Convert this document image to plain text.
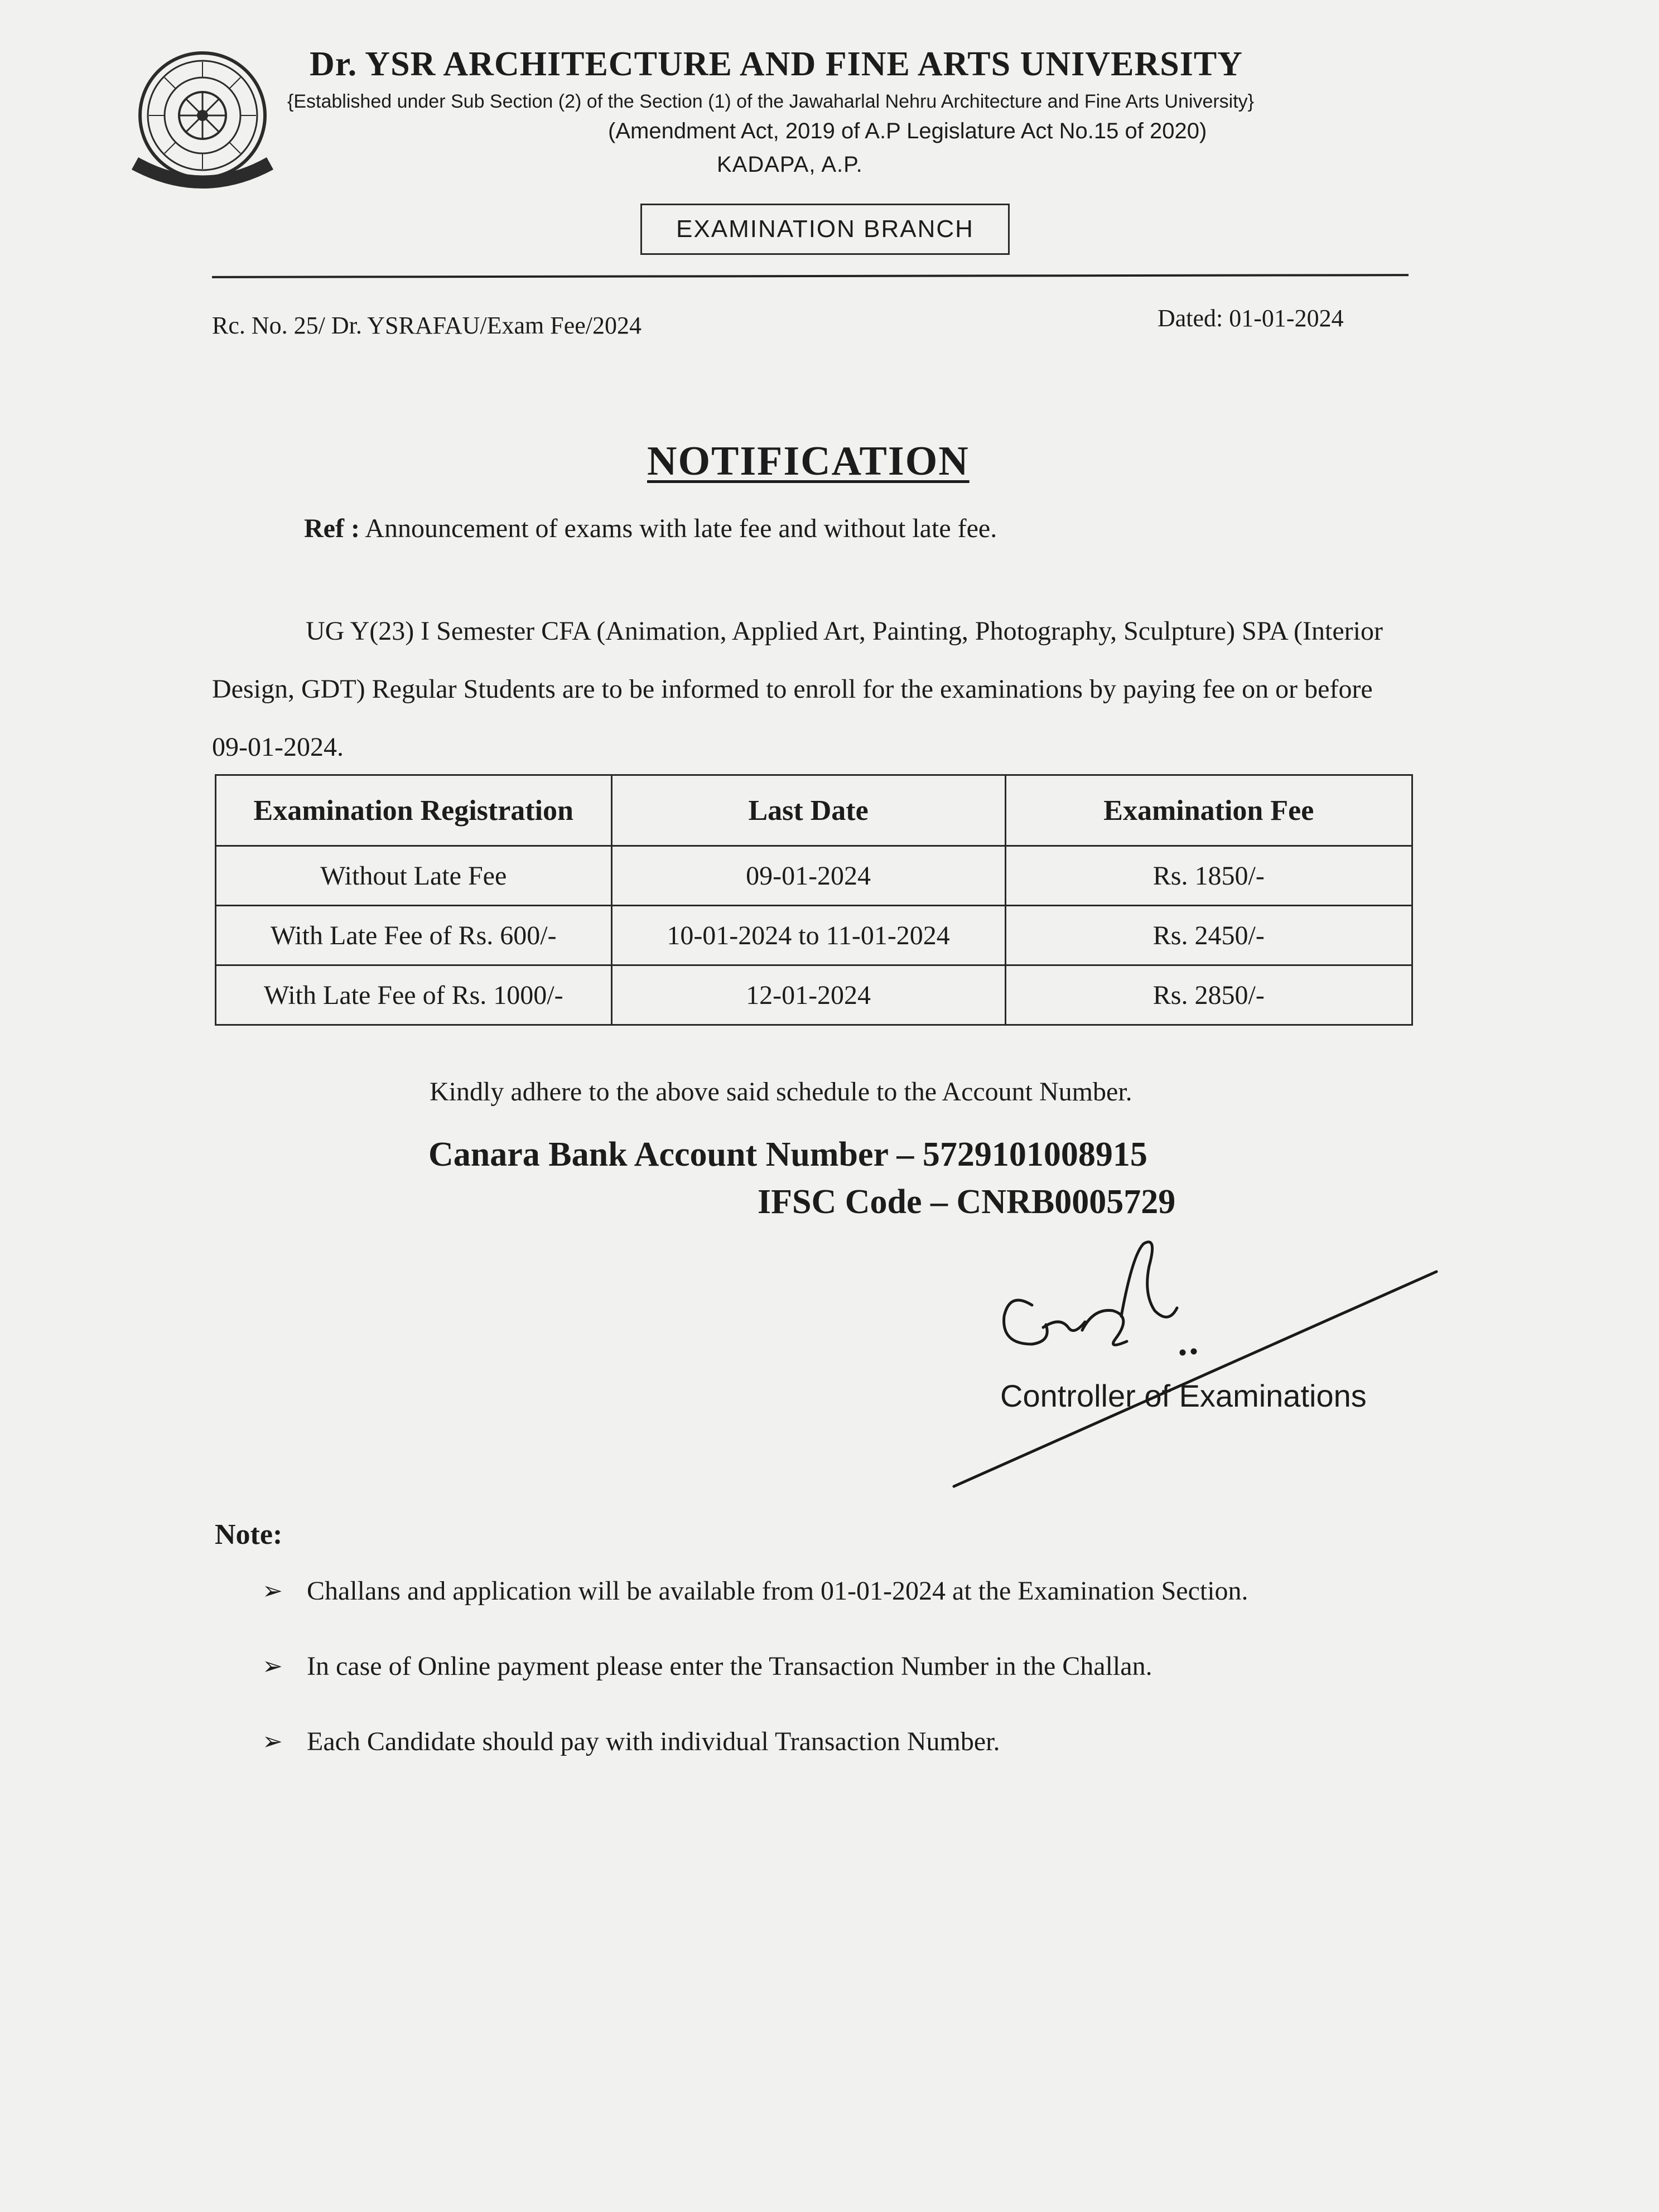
Dr. YSR ARCHITECTURE AND FINE ARTS UNIVERSITY
{Established under Sub Section (2) of the Section (1) of the Jawaharlal Nehru Architecture and Fine Arts University}
(Amendment Act, 2019 of A.P Legislature Act No.15 of 2020)
KADAPA, A.P.
EXAMINATION BRANCH
Rc. No. 25/ Dr. YSRAFAU/Exam Fee/2024	Dated: 01-01-2024
NOTIFICATION
Ref : Announcement of exams with late fee and without late fee.
UG Y(23) I Semester CFA (Animation, Applied Art, Painting, Photography, Sculpture) SPA (Interior Design, GDT) Regular Students are to be informed to enroll for the examinations by paying fee on or before 09-01-2024.
Examination Registration	Last Date	Examination Fee
Without Late Fee	09-01-2024	Rs. 1850/-
With Late Fee of Rs. 600/-	10-01-2024 to 11-01-2024	Rs. 2450/-
With Late Fee of Rs. 1000/-	12-01-2024	Rs. 2850/-
Kindly adhere to the above said schedule to the Account Number.
Canara Bank Account Number – 5729101008915
IFSC Code – CNRB0005729
Controller of Examinations
Note:
➢ Challans and application will be available from 01-01-2024 at the Examination Section.
➢ In case of Online payment please enter the Transaction Number in the Challan.
➢ Each Candidate should pay with individual Transaction Number.
